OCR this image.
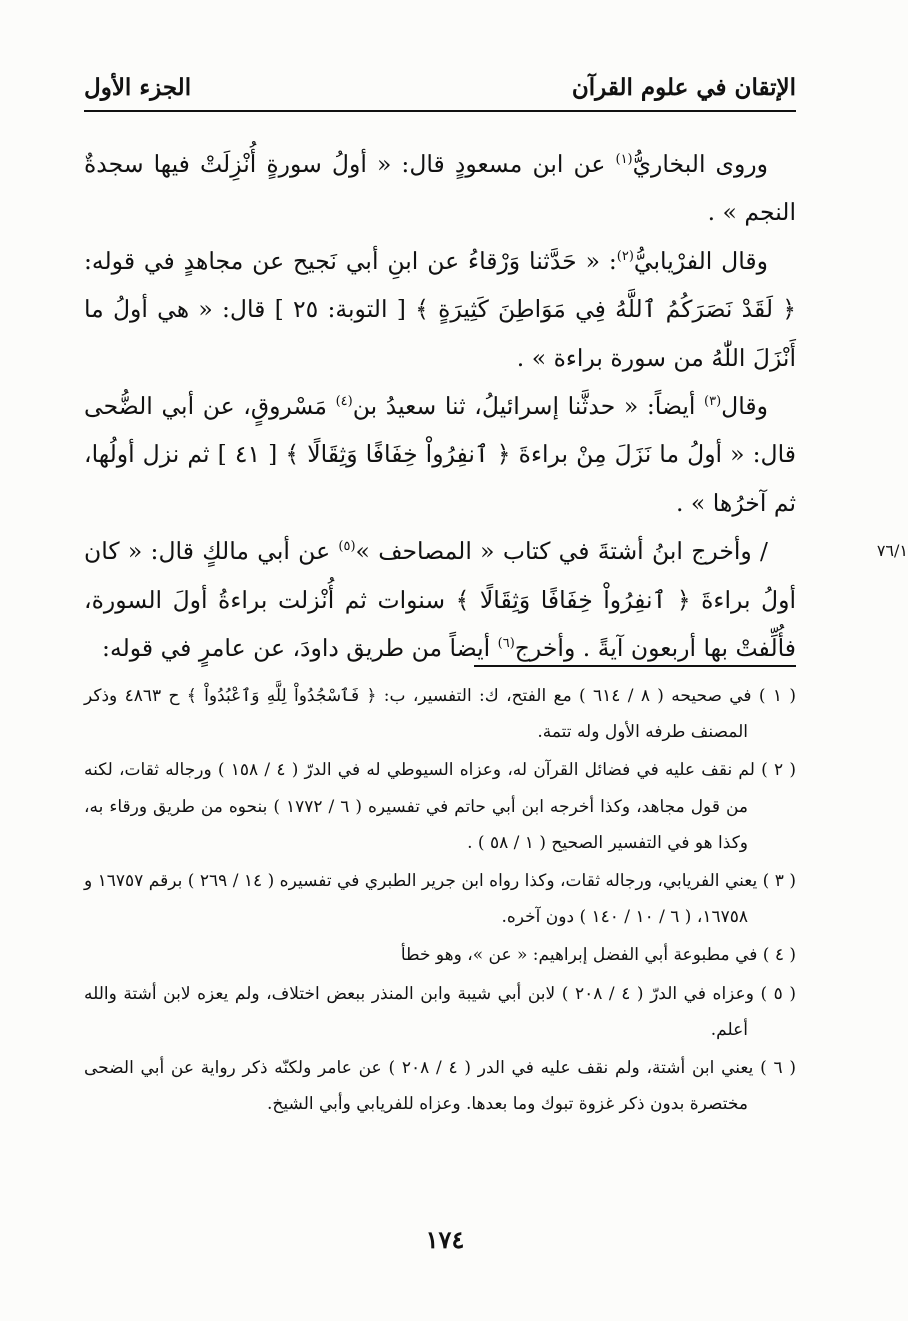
الإتقان في علوم القرآن
الجزء الأول

وروى البخاريُّ$^{(١)}$ عن ابن مسعودٍ قال: « أولُ سورةٍ أُنْزِلَتْ فيها سجدةٌ النجم » .

وقال الفرْيابيُّ$^{(٢)}$: « حَدَّثنا وَرْقاءُ عن ابنِ أبي نَجيح عن مجاهدٍ في قوله: ﴿ لَقَدْ نَصَرَكُمُ ٱللَّهُ فِي مَوَاطِنَ كَثِيرَةٍ ﴾ [ التوبة: ٢٥ ] قال: « هي أولُ ما أَنْزَلَ اللّٰهُ من سورة براءة » .

وقال$^{(٣)}$ أيضاً: « حدثَّنا إسرائيلُ، ثنا سعيدُ بن$^{(٤)}$ مَسْروقٍ، عن أبي الضُّحى قال: « أولُ ما نَزَلَ مِنْ براءةَ ﴿ ٱنفِرُواْ خِفَافًا وَثِقَالًا ﴾ [ ٤١ ] ثم نزل أولُها، ثم آخرُها » .

٧٦/١
/ وأخرج ابنُ أشتةَ في كتاب « المصاحف »$^{(٥)}$ عن أبي مالكٍ قال: « كان أولُ براءةَ ﴿ ٱنفِرُواْ خِفَافًا وَثِقَالًا ﴾ سنوات ثم أُنْزلت براءةُ أولَ السورة، فأُلِّفتْ بها أربعون آيةً . وأخرج$^{(٦)}$ أيضاً من طريق داودَ، عن عامرٍ في قوله:

( ١ ) في صحيحه ( ٨ / ٦١٤ ) مع الفتح، ك: التفسير، ب: ﴿ فَٱسْجُدُواْ لِلَّهِ وَٱعْبُدُواْ ﴾ ح ٤٨٦٣ وذكر المصنف طرفه الأول وله تتمة.

( ٢ ) لم نقف عليه في فضائل القرآن له، وعزاه السيوطي له في الدرّ ( ٤ / ١٥٨ ) ورجاله ثقات، لكنه من قول مجاهد، وكذا أخرجه ابن أبي حاتم في تفسيره ( ٦ / ١٧٧٢ ) بنحوه من طريق ورقاء به، وكذا هو في التفسير الصحيح ( ١ / ٥٨ ) .

( ٣ ) يعني الفريابي، ورجاله ثقات، وكذا رواه ابن جرير الطبري في تفسيره ( ١٤ / ٢٦٩ ) برقم ١٦٧٥٧ و ١٦٧٥٨، ( ٦ / ١٠ / ١٤٠ ) دون آخره.

( ٤ ) في مطبوعة أبي الفضل إبراهيم: « عن »، وهو خطأ

( ٥ ) وعزاه في الدرّ ( ٤ / ٢٠٨ ) لابن أبي شيبة وابن المنذر ببعض اختلاف، ولم يعزه لابن أشتة والله أعلم.

( ٦ ) يعني ابن أشتة، ولم نقف عليه في الدر ( ٤ / ٢٠٨ ) عن عامر ولكنّه ذكر رواية عن أبي الضحى مختصرة بدون ذكر غزوة تبوك وما بعدها. وعزاه للفريابي وأبي الشيخ.

١٧٤
